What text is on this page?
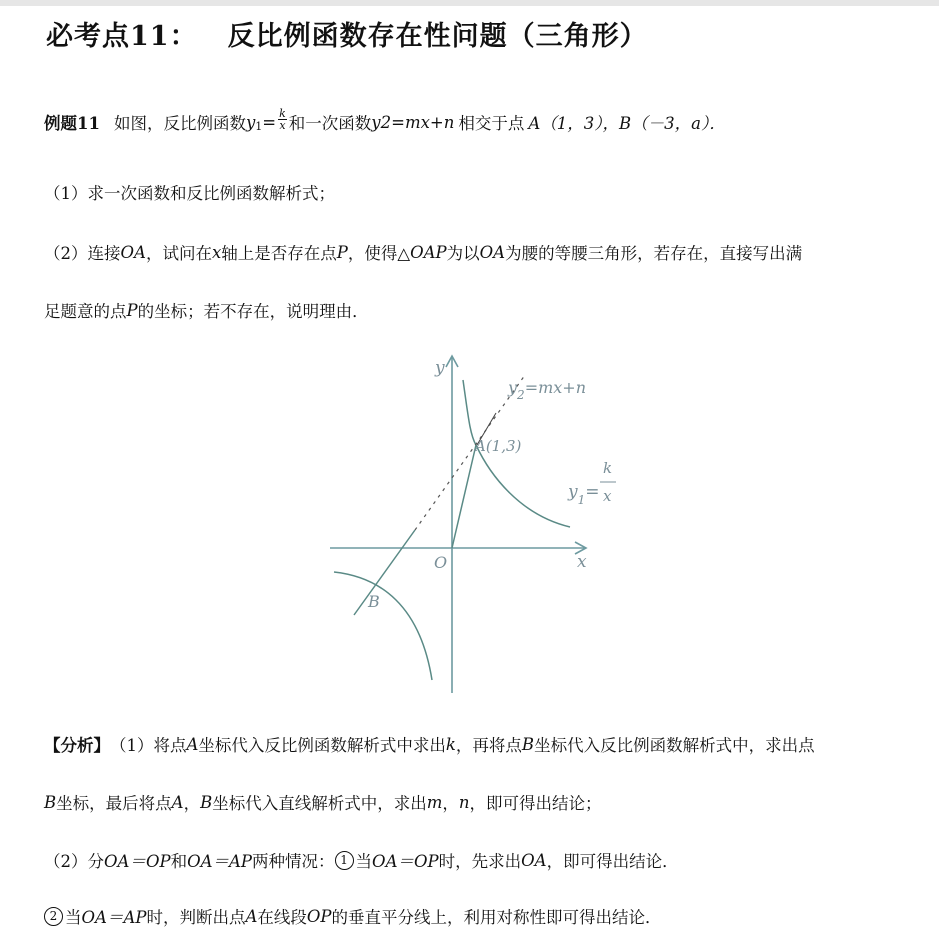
必考点11： 反比例函数存在性问题（三角形）
例题11 如图，反比例函数 y $1 = \frac{k}{x}$ 和一次函数 y2=mx+n 相交于点 A（1，3），B（－3，a）．
（1）求一次函数和反比例函数解析式；
（2）连接 OA ，试问在 x 轴上是否存在点 P ，使得△ OAP 为以 OA 为腰的等腰三角形，若存在，直接写出满
足题意的点 P 的坐标；若不存在，说明理由．
y
x
O
B
A(1,3)
$y_2=mx+n$
$y_1=$
k
x
【分析】 （1）将点 A 坐标代入反比例函数解析式中求出 k ，再将点 B 坐标代入反比例函数解析式中，求出点
B 坐标，最后将点 A ， B 坐标代入直线解析式中，求出 m ， n ，即可得出结论；
（2）分 OA＝OP 和 OA＝AP 两种情况： 1 当 OA＝OP 时，先求出 OA ，即可得出结论．
2 当 OA＝AP 时，判断出点 A 在线段 OP 的垂直平分线上，利用对称性即可得出结论．
